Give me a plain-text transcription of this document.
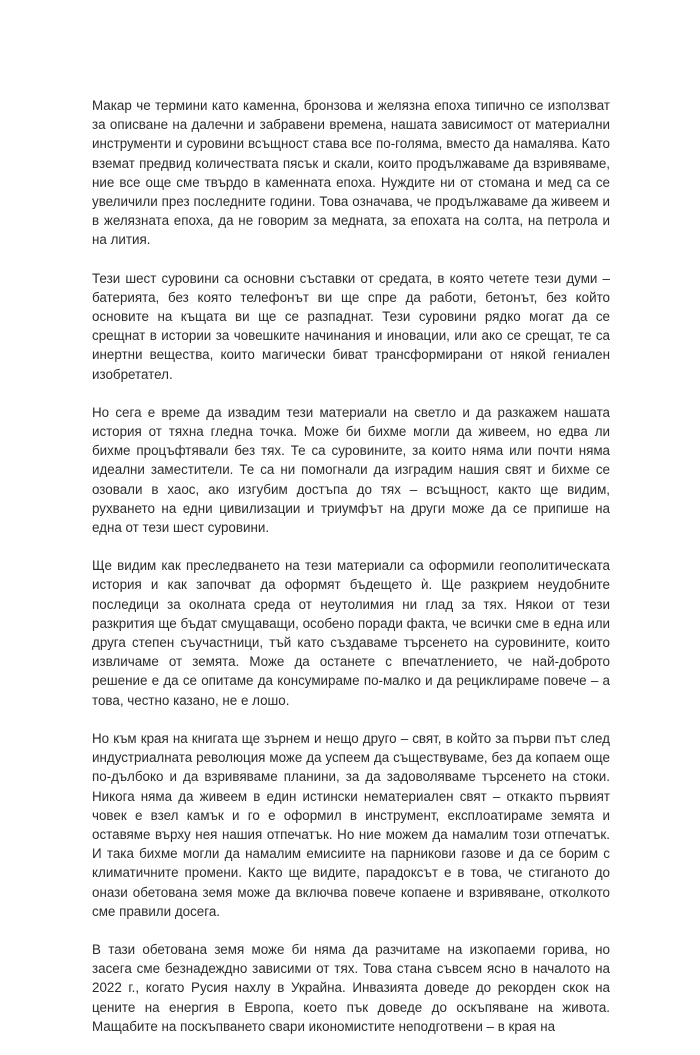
Макар че термини като каменна, бронзова и желязна епоха типично се използват за описване на далечни и забравени времена, нашата зависимост от материални инструменти и суровини всъщност става все по-голяма, вместо да намалява. Като вземат предвид количествата пясък и скали, които продължаваме да взривяваме, ние все още сме твърдо в каменната епоха. Нуждите ни от стомана и мед са се увеличили през последните години. Това означава, че продължаваме да живеем и в желязната епоха, да не говорим за медната, за епохата на солта, на петрола и на лития.

Тези шест суровини са основни съставки от средата, в която четете тези думи – батерията, без която телефонът ви ще спре да работи, бетонът, без който основите на къщата ви ще се разпаднат. Тези суровини рядко могат да се срещнат в истории за човешките начинания и иновации, или ако се срещат, те са инертни вещества, които магически биват трансформирани от някой гениален изобретател.

Но сега е време да извадим тези материали на светло и да разкажем нашата история от тяхна гледна точка. Може би бихме могли да живеем, но едва ли бихме процъфтявали без тях. Те са суровините, за които няма или почти няма идеални заместители. Те са ни помогнали да изградим нашия свят и бихме се озовали в хаос, ако изгубим достъпа до тях – всъщност, както ще видим, рухването на едни цивилизации и триумфът на други може да се припише на една от тези шест суровини.

Ще видим как преследването на тези материали са оформили геополитическата история и как започват да оформят бъдещето ѝ. Ще разкрием неудобните последици за околната среда от неутолимия ни глад за тях. Някои от тези разкрития ще бъдат смущаващи, особено поради факта, че всички сме в една или друга степен съучастници, тъй като създаваме търсенето на суровините, които извличаме от земята. Може да останете с впечатлението, че най-доброто решение е да се опитаме да консумираме по-малко и да рециклираме повече – а това, честно казано, не е лошо.

Но към края на книгата ще зърнем и нещо друго – свят, в който за първи път след индустриалната революция може да успеем да съществуваме, без да копаем още по-дълбоко и да взривяваме планини, за да задоволяваме търсенето на стоки. Никога няма да живеем в един истински нематериален свят – откакто първият човек е взел камък и го е оформил в инструмент, експлоатираме земята и оставяме върху нея нашия отпечатък. Но ние можем да намалим този отпечатък. И така бихме могли да намалим емисиите на парникови газове и да се борим с климатичните промени. Както ще видите, парадоксът е в това, че стиганото до онази обетована земя може да включва повече копаене и взривяване, отколкото сме правили досега.

В тази обетована земя може би няма да разчитаме на изкопаеми горива, но засега сме безнадеждно зависими от тях. Това стана съвсем ясно в началото на 2022 г., когато Русия нахлу в Украйна. Инвазията доведе до рекорден скок на цените на енергия в Европа, което пък доведе до оскъпяване на живота. Мащабите на поскъпването свари икономистите неподготвени – в края на
